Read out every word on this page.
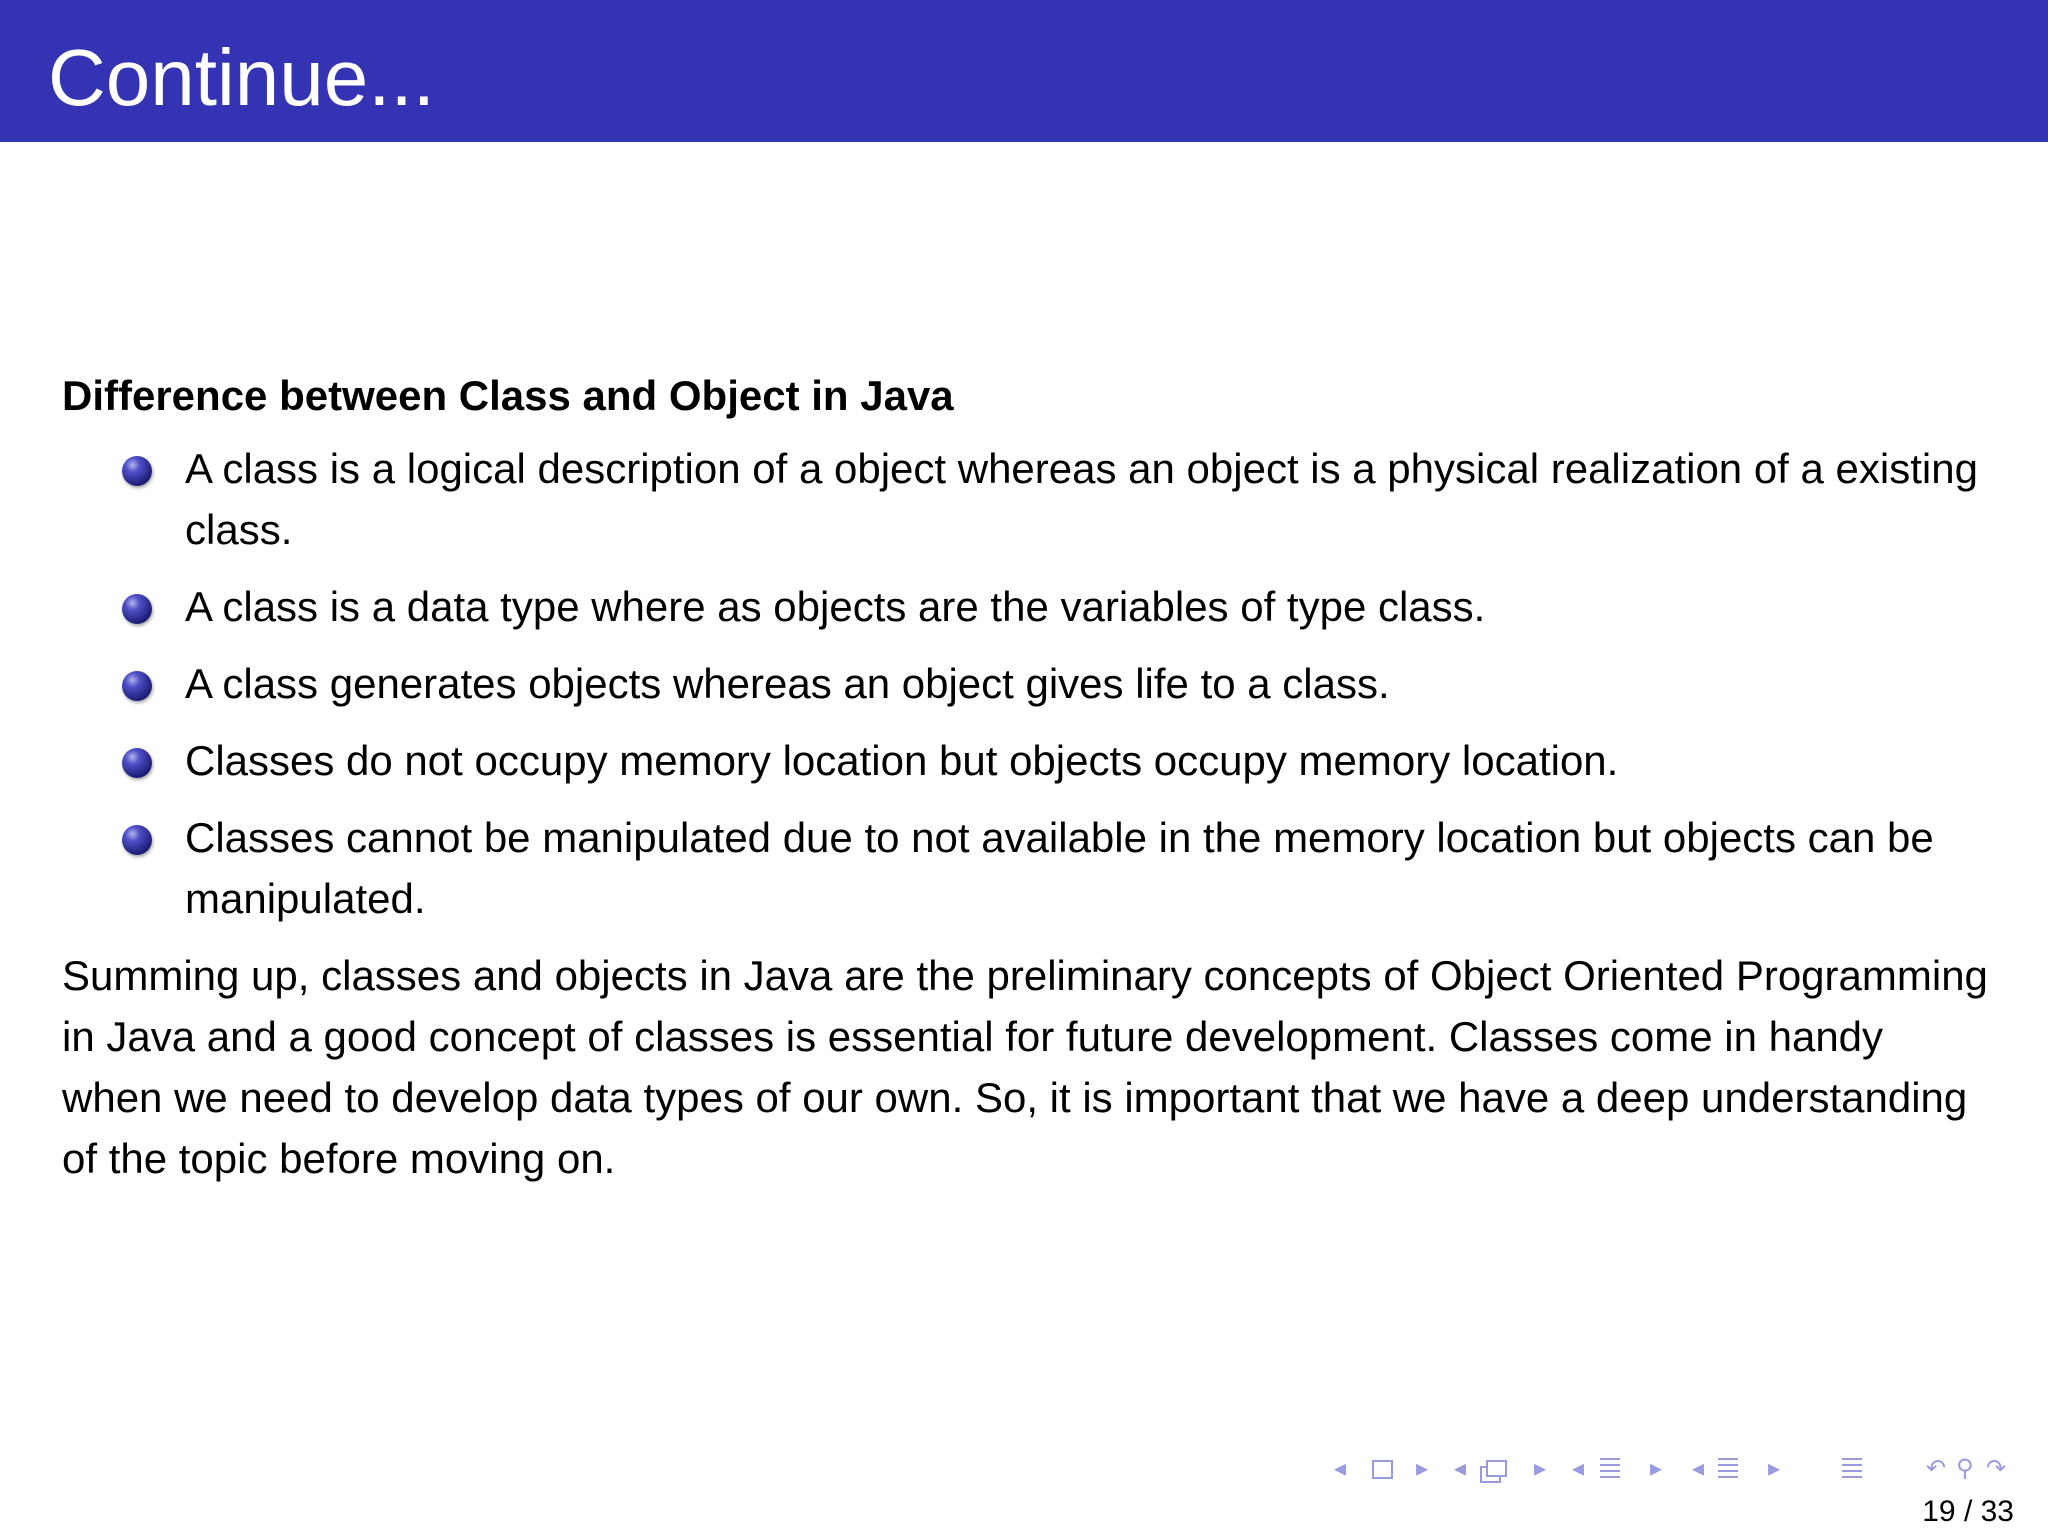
Continue...

Difference between Class and Object in Java

A class is a logical description of a object whereas an object is a physical realization of a existing class.
A class is a data type where as objects are the variables of type class.
A class generates objects whereas an object gives life to a class.
Classes do not occupy memory location but objects occupy memory location.
Classes cannot be manipulated due to not available in the memory location but objects can be manipulated.

Summing up, classes and objects in Java are the preliminary concepts of Object Oriented Programming in Java and a good concept of classes is essential for future development. Classes come in handy when we need to develop data types of our own. So, it is important that we have a deep understanding of the topic before moving on.

◂	▸ ◂	▸ ◂	▸ ◂	▸	↶ ⚲ ↷
19 / 33
